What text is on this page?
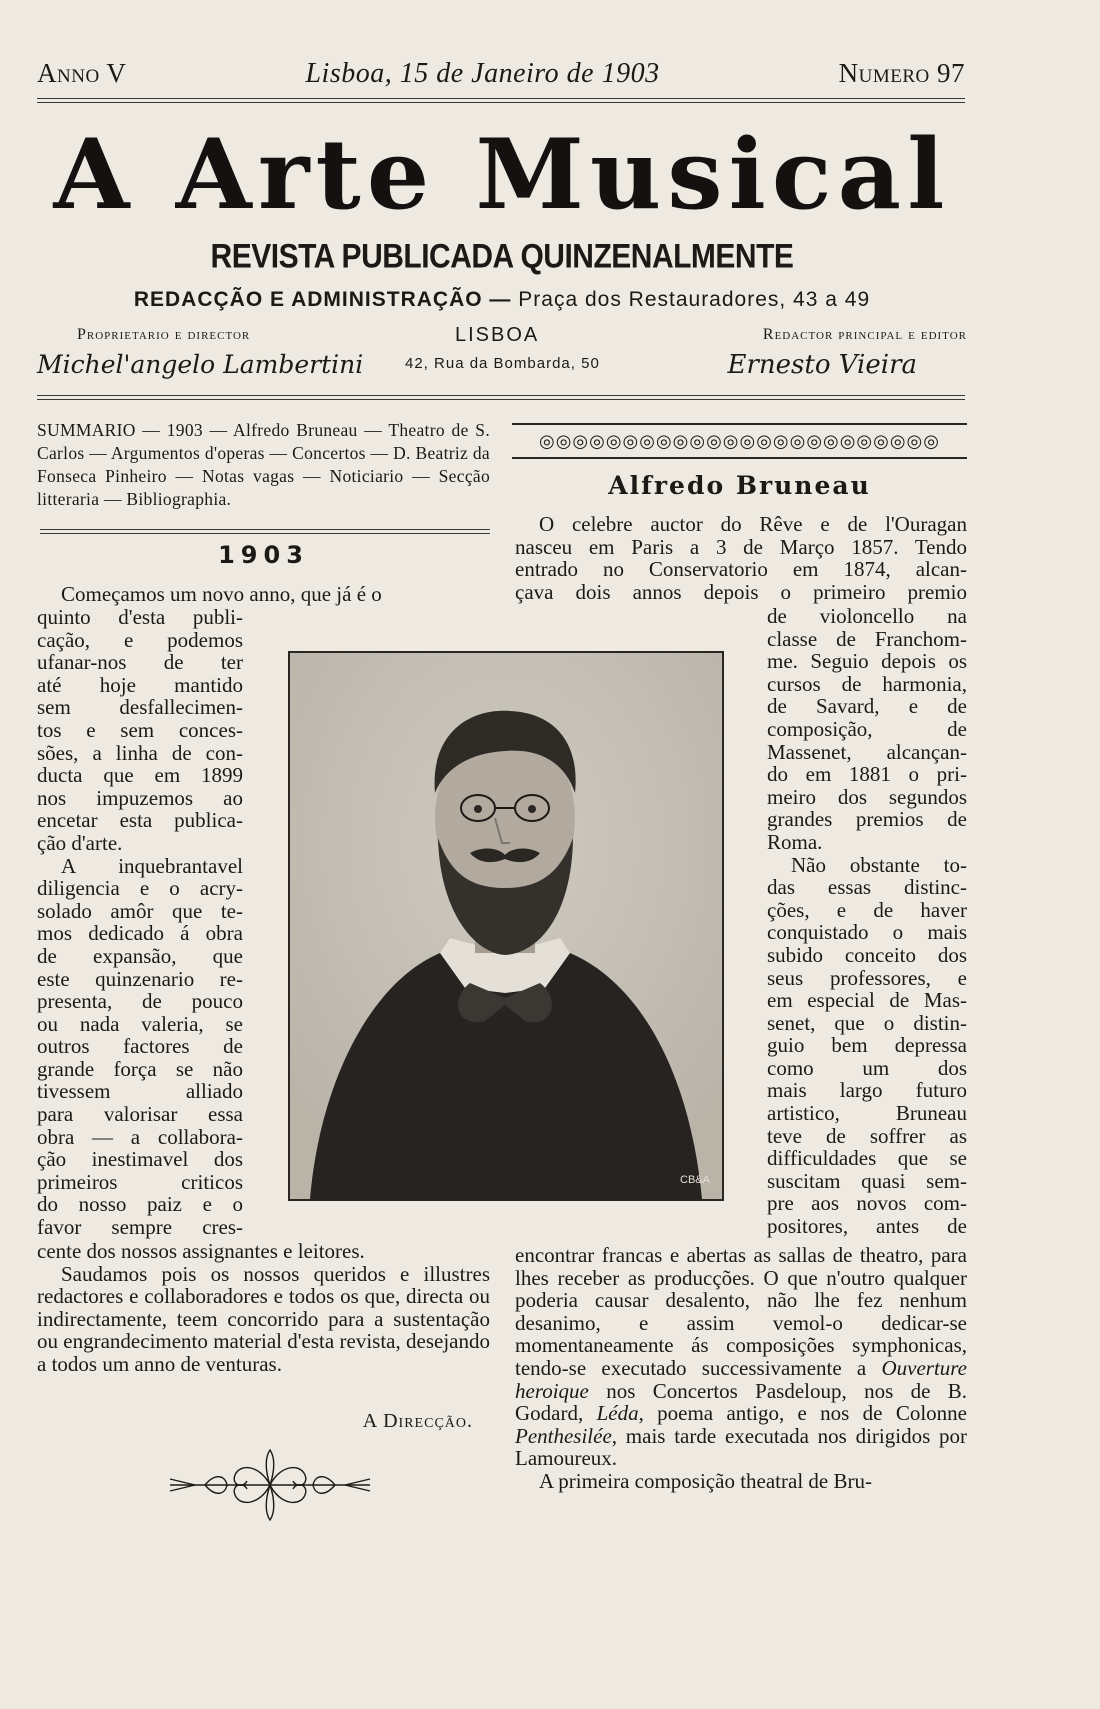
Anno V	Lisboa, 15 de Janeiro de 1903	Numero 97
A Arte Musical
REVISTA PUBLICADA QUINZENALMENTE
REDACÇÃO E ADMINISTRAÇÃO — Praça dos Restauradores, 43 a 49
Proprietario e director
Michel'angelo Lambertini
LISBOA
42, Rua da Bombarda, 50
Redactor principal e editor
Ernesto Vieira
SUMMARIO — 1903 — Alfredo Bruneau — Theatro de S. Carlos — Argumentos d'operas — Concertos — D. Beatriz da Fonseca Pinheiro — Notas vagas — Noticiario — Secção litteraria — Bibliographia.
1903
Começamos um novo anno, que já é o
quinto d'esta publi-
cação, e podemos
ufanar-nos de ter
até hoje mantido
sem desfallecimen-
tos e sem conces-
sões, a linha de con-
ducta que em 1899
nos impuzemos ao
encetar esta publica-
ção d'arte.
A inquebrantavel
diligencia e o acry-
solado amôr que te-
mos dedicado á obra
de expansão, que
este quinzenario re-
presenta, de pouco
ou nada valeria, se
outros factores de
grande força se não
tivessem alliado
para valorisar essa
obra — a collabora-
ção inestimavel dos
primeiros criticos
do nosso paiz e o
favor sempre cres-

cente dos nossos assignantes e leitores.

Saudamos pois os nossos queridos e illustres redactores e collaboradores e todos os que, directa ou indirectamente, teem concorrido para a sustentação ou engrandecimento material d'esta revista, desejando a todos um anno de venturas.

A Direcção.
CB&A
◎◎◎◎◎◎◎◎◎◎◎◎◎◎◎◎◎◎◎◎◎◎◎◎
Alfredo Bruneau
O celebre auctor do Rêve e de l'Ouragan
nasceu em Paris a 3 de Março 1857. Tendo
entrado no Conservatorio em 1874, alcan-
çava dois annos depois o primeiro premio
de violoncello na
classe de Franchom-
me. Seguio depois os
cursos de harmonia,
de Savard, e de
composição, de
Massenet, alcançan-
do em 1881 o pri-
meiro dos segundos
grandes premios de
Roma.
Não obstante to-
das essas distinc-
ções, e de haver
conquistado o mais
subido conceito dos
seus professores, e
em especial de Mas-
senet, que o distin-
guio bem depressa
como um dos
mais largo futuro
artistico, Bruneau
teve de soffrer as
difficuldades que se
suscitam quasi sem-
pre aos novos com-
positores, antes de

encontrar francas e abertas as sallas de theatro, para lhes receber as producções. O que n'outro qualquer poderia causar desalento, não lhe fez nenhum desanimo, e assim vemol-o dedicar-se momentaneamente ás composições symphonicas, tendo-se executado successivamente a Ouverture heroique nos Concertos Pasdeloup, nos de B. Godard, Léda, poema antigo, e nos de Colonne Penthesilée, mais tarde executada nos dirigidos por Lamoureux.

A primeira composição theatral de Bru-
